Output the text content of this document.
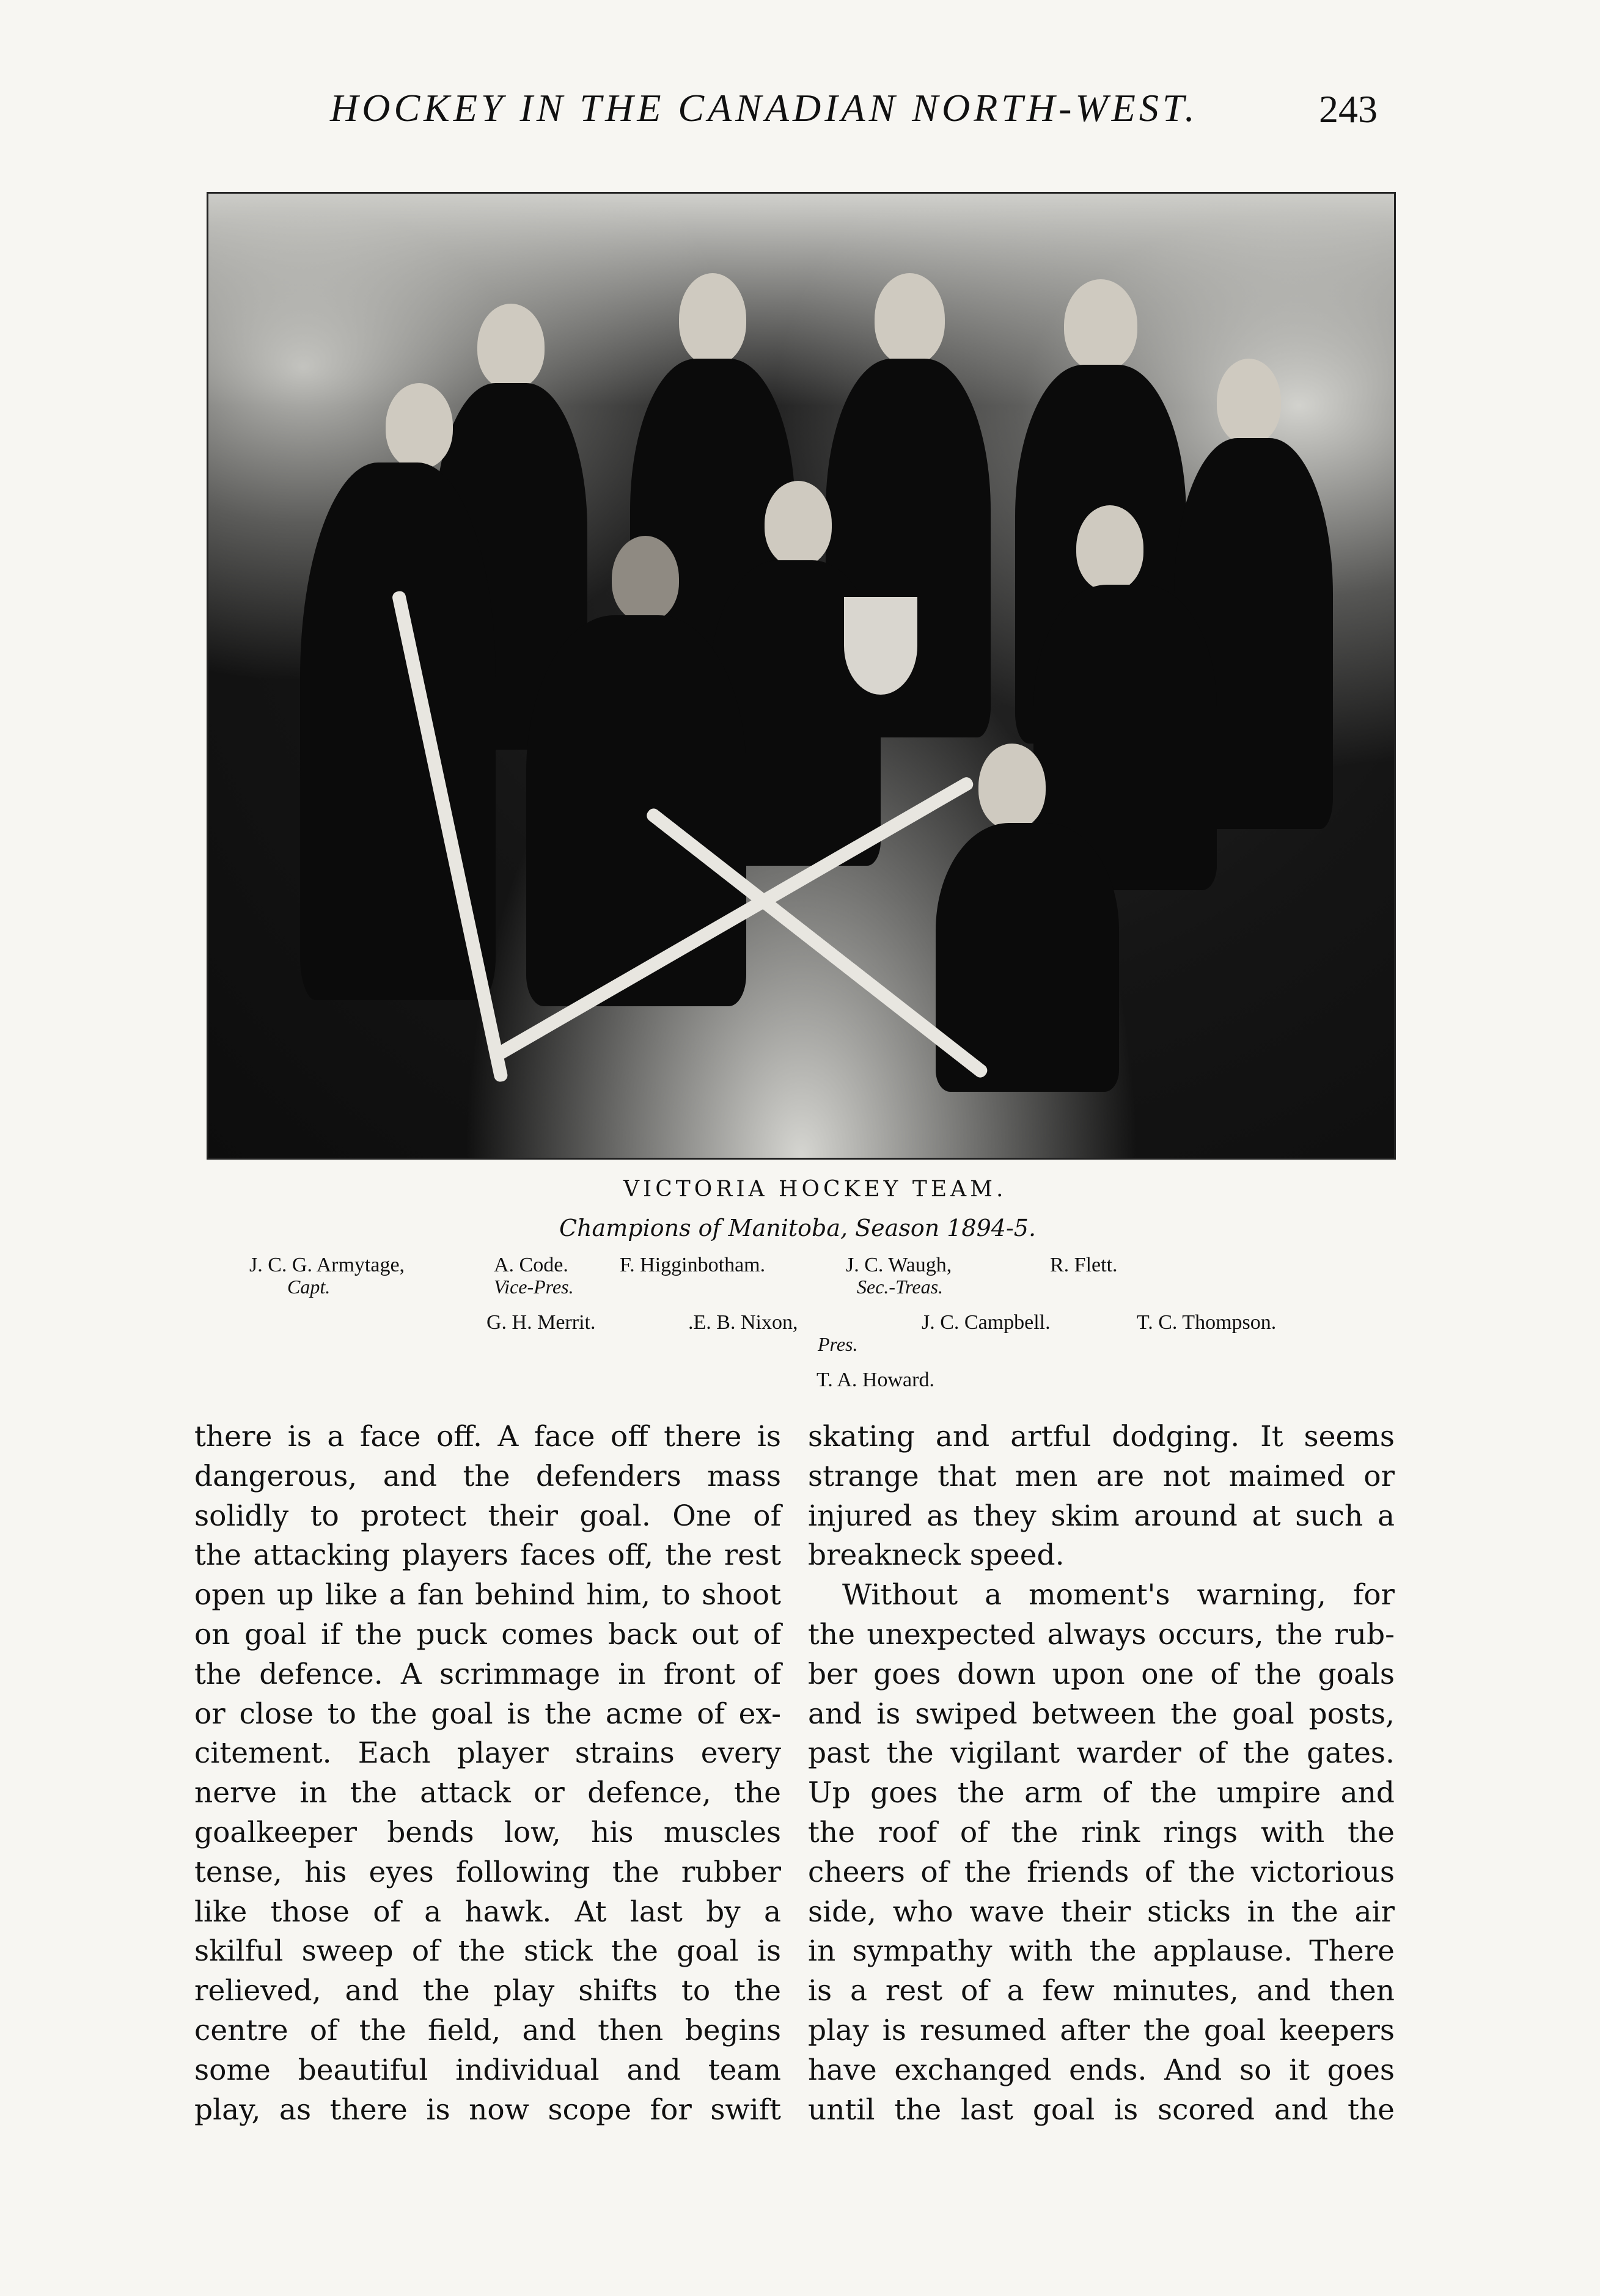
HOCKEY IN THE CANADIAN NORTH-WEST.	243
VICTORIA HOCKEY TEAM.
Champions of Manitoba, Season 1894-5.
J. C. G. Armytage,
Capt.
A. Code.
Vice-Pres.
F. Higginbotham.	J. C. Waugh,
Sec.-Treas.
R. Flett.
G. H. Merrit.	.E. B. Nixon,
Pres.
J. C. Campbell.	T. C. Thompson.
T. A. Howard.
there is a face off. A face off there is
dangerous, and the defenders mass
solidly to protect their goal. One of
the attacking players faces off, the rest
open up like a fan behind him, to shoot
on goal if the puck comes back out of
the defence. A scrimmage in front of
or close to the goal is the acme of ex-
citement. Each player strains every
nerve in the attack or defence, the
goalkeeper bends low, his muscles
tense, his eyes following the rubber
like those of a hawk. At last by a
skilful sweep of the stick the goal is
relieved, and the play shifts to the
centre of the field, and then begins
some beautiful individual and team
play, as there is now scope for swift
skating and artful dodging. It seems
strange that men are not maimed or
injured as they skim around at such a
breakneck speed.
Without a moment's warning, for
the unexpected always occurs, the rub-
ber goes down upon one of the goals
and is swiped between the goal posts,
past the vigilant warder of the gates.
Up goes the arm of the umpire and
the roof of the rink rings with the
cheers of the friends of the victorious
side, who wave their sticks in the air
in sympathy with the applause. There
is a rest of a few minutes, and then
play is resumed after the goal keepers
have exchanged ends. And so it goes
until the last goal is scored and the
